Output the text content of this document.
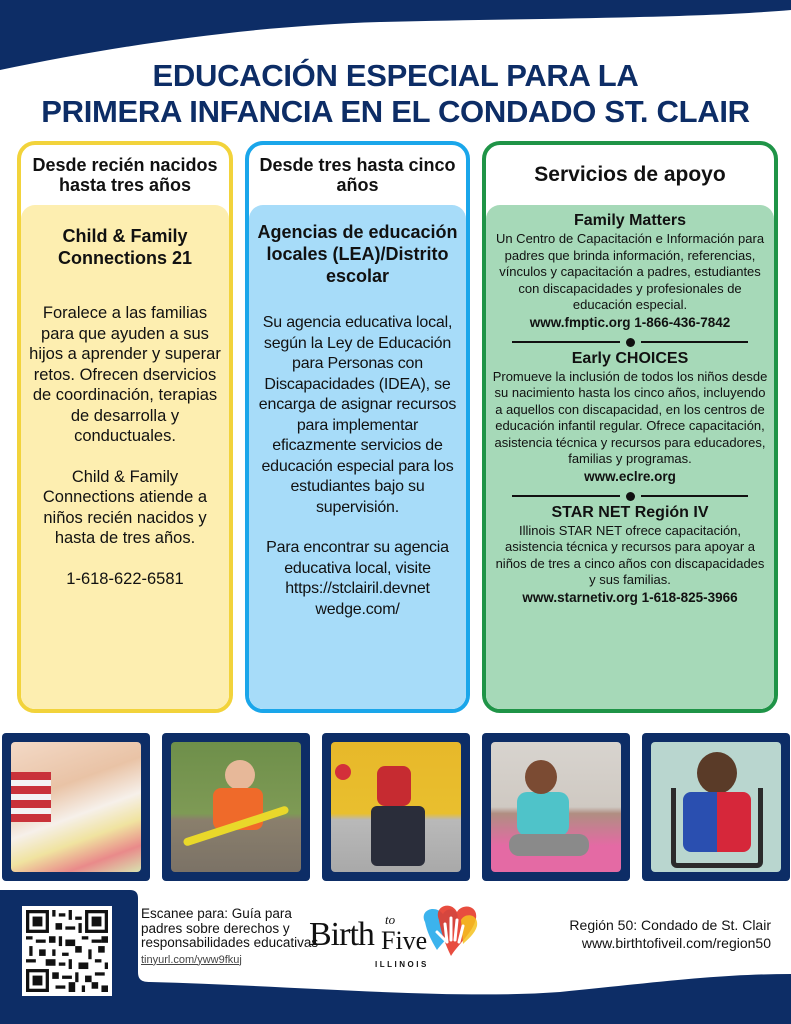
EDUCACIÓN ESPECIAL PARA LA
PRIMERA INFANCIA EN EL CONDADO ST. CLAIR
Desde recién nacidos hasta tres años
Child & Family Connections 21

Foralece a las familias para que ayuden a sus hijos a aprender y superar retos. Ofrecen dservicios de coordinación, terapias de desarrolla y conductuales.

Child & Family Connections atiende a niños recién nacidos y hasta de tres años.

1-618-622-6581

Desde tres hasta cinco años
Agencias de educación locales (LEA)/Distrito escolar

Su agencia educativa local, según la Ley de Educación para Personas con Discapacidades (IDEA), se encarga de asignar recursos para implementar eficazmente servicios de educación especial para los estudiantes bajo su supervisión.

Para encontrar su agencia educativa local, visite https://stclairil.devnet wedge.com/

Servicios de apoyo
Family Matters

Un Centro de Capacitación e Información para padres que brinda información, referencias, vínculos y capacitación a padres, estudiantes con discapacidades y profesionales de educación especial.

www.fmptic.org 1-866-436-7842

Early CHOICES

Promueve la inclusión de todos los niños desde su nacimiento hasta los cinco años, incluyendo a aquellos con discapacidad, en los centros de educación infantil regular. Ofrece capacitación, asistencia técnica y recursos para educadores, familias y programas.

www.eclre.org

STAR NET Región IV

Illinois STAR NET ofrece capacitación, asistencia técnica y recursos para apoyar a niños de tres a cinco años con discapacidades y sus familias.

www.starnetiv.org 1-618-825-3966

Escanee para: Guía para padres sobre derechos y responsabilidades educativas
tinyurl.com/yww9fkuj
Birth to
Five
ILLINOIS
Región 50: Condado de St. Clair
www.birthtofiveil.com/region50
